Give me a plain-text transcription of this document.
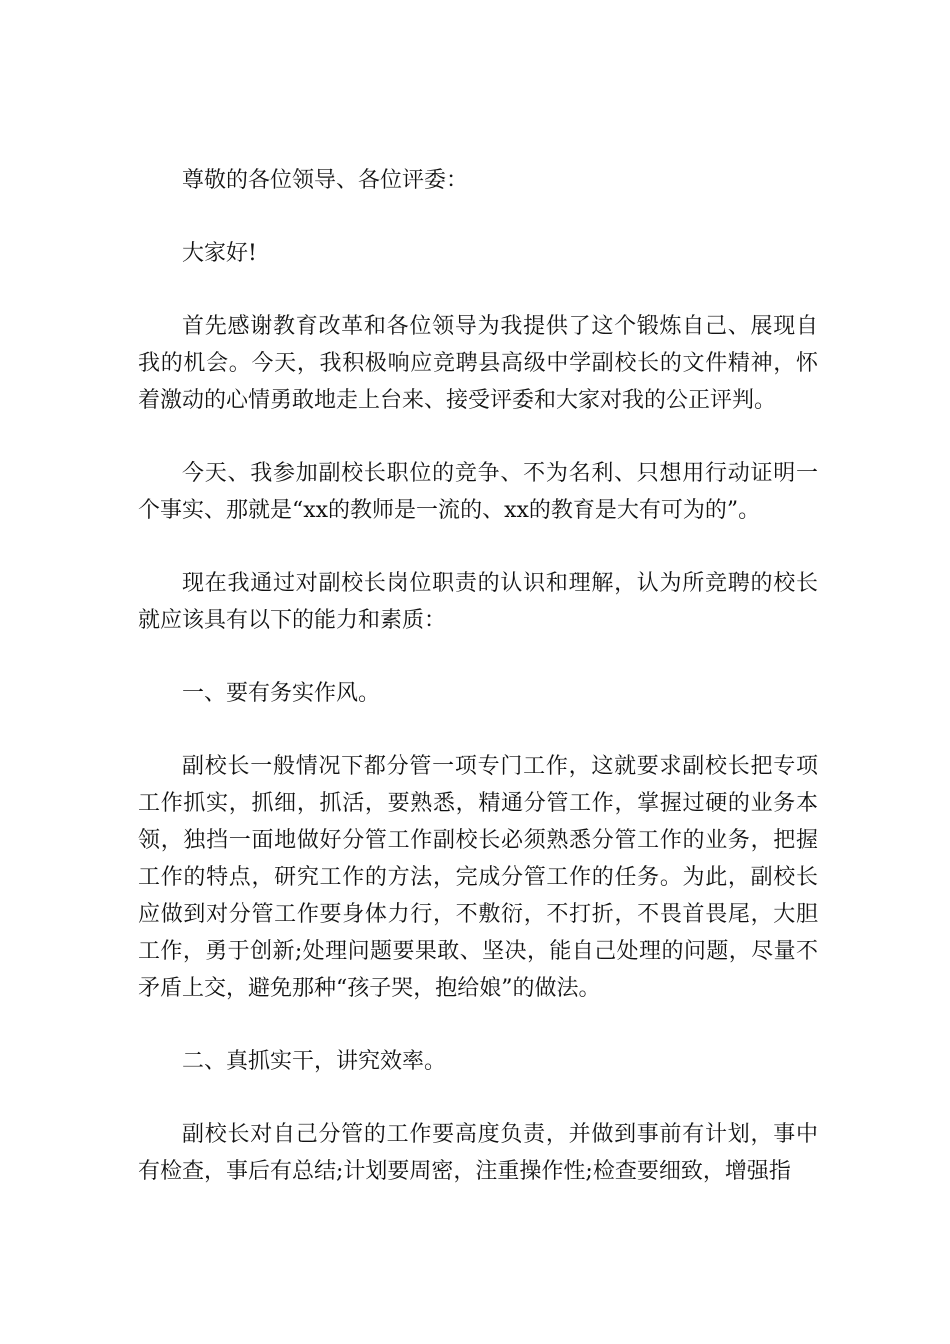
尊敬的各位领导、各位评委：

大家好!

首先感谢教育改革和各位领导为我提供了这个锻炼自己、展现自我的机会。今天，我积极响应竞聘县高级中学副校长的文件精神，怀着激动的心情勇敢地走上台来、接受评委和大家对我的公正评判。

今天、我参加副校长职位的竞争、不为名利、只想用行动证明一个事实、那就是“xx的教师是一流的、xx的教育是大有可为的”。

现在我通过对副校长岗位职责的认识和理解，认为所竞聘的校长就应该具有以下的能力和素质：

一、要有务实作风。

副校长一般情况下都分管一项专门工作，这就要求副校长把专项工作抓实，抓细，抓活，要熟悉，精通分管工作，掌握过硬的业务本领，独挡一面地做好分管工作副校长必须熟悉分管工作的业务，把握工作的特点，研究工作的方法，完成分管工作的任务。为此，副校长应做到对分管工作要身体力行，不敷衍，不打折，不畏首畏尾，大胆工作，勇于创新;处理问题要果敢、坚决，能自己处理的问题，尽量不矛盾上交，避免那种“孩子哭，抱给娘”的做法。

二、真抓实干，讲究效率。

副校长对自己分管的工作要高度负责，并做到事前有计划，事中有检查，事后有总结;计划要周密，注重操作性;检查要细致，增强指
